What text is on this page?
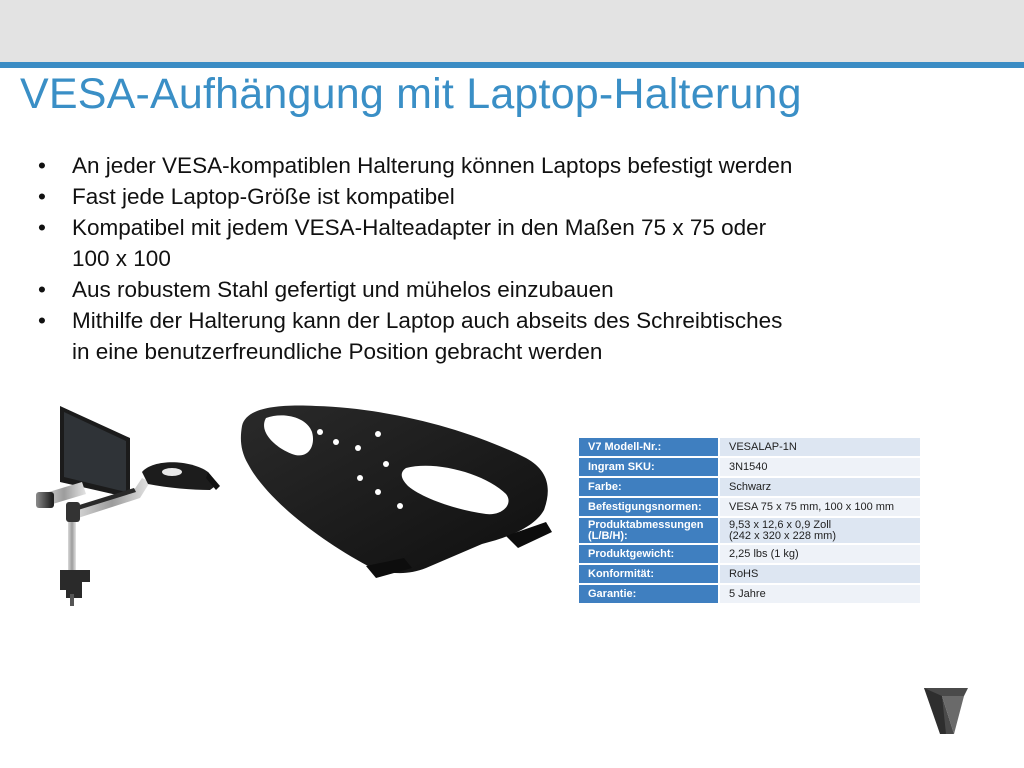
VESA-Aufhängung mit Laptop-Halterung
• An jeder VESA-kompatiblen Halterung können Laptops befestigt werden
• Fast jede Laptop-Größe ist kompatibel
• Kompatibel mit jedem VESA-Halteadapter in den Maßen 75 x 75 oder
100 x 100
• Aus robustem Stahl gefertigt und mühelos einzubauen
• Mithilfe der Halterung kann der Laptop auch abseits des Schreibtisches
in eine benutzerfreundliche Position gebracht werden
V7 Modell-Nr.:	VESALAP-1N
Ingram SKU:	3N1540
Farbe:	Schwarz
Befestigungsnormen:	VESA 75 x 75 mm, 100 x 100 mm
Produktabmessungen
(L/B/H):	9,53 x 12,6 x 0,9 Zoll
(242 x 320 x 228 mm)
Produktgewicht:	2,25 lbs (1 kg)
Konformität:	RoHS
Garantie:	5 Jahre
